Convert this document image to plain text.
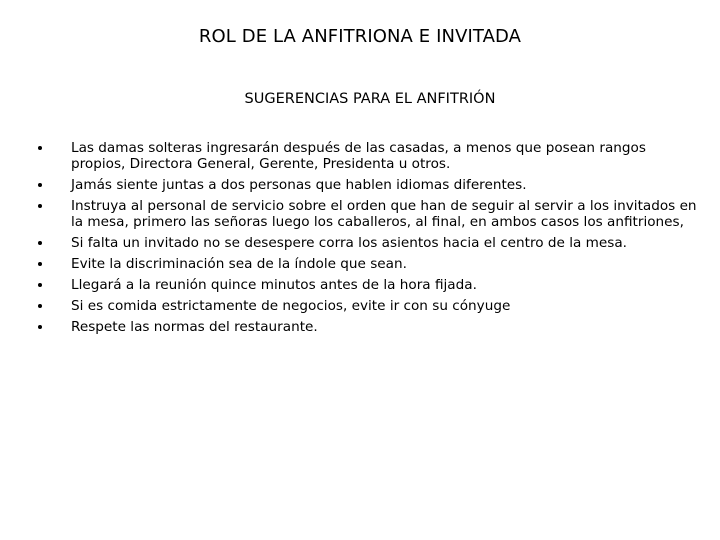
ROL DE LA ANFITRIONA E INVITADA
SUGERENCIAS PARA EL ANFITRIÓN
Las damas solteras ingresarán después de las casadas, a menos que posean rangos propios, Directora General, Gerente, Presidenta u otros.
Jamás siente juntas a dos personas que hablen idiomas diferentes.
Instruya al personal de servicio sobre el orden que han de seguir al servir a los invitados en la mesa, primero las señoras luego los caballeros, al final, en ambos casos los anfitriones,
Si falta un invitado no se desespere corra los asientos hacia el centro de la mesa.
Evite la discriminación sea de la índole que sean.
Llegará a la reunión quince minutos antes de la hora fijada.
Si es comida estrictamente de negocios, evite ir con su cónyuge
Respete las normas del restaurante.
